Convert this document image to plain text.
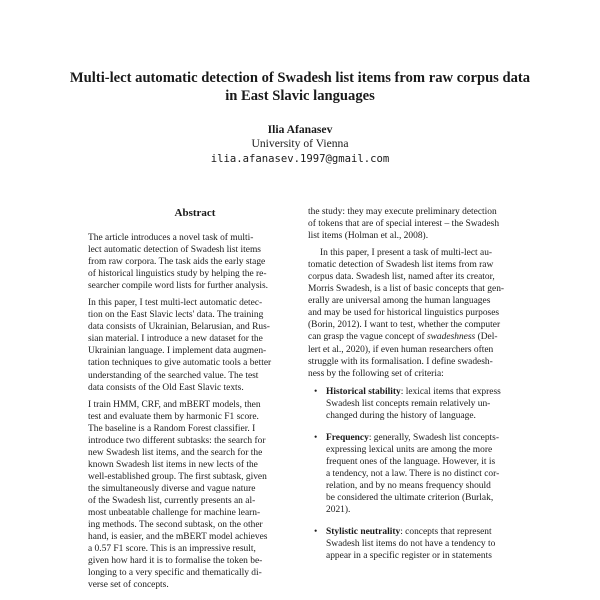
Multi-lect automatic detection of Swadesh list items from raw corpus data
in East Slavic languages
Ilia Afanasev
University of Vienna
ilia.afanasev.1997@gmail.com
Abstract

The article introduces a novel task of multi-
lect automatic detection of Swadesh list items
from raw corpora. The task aids the early stage
of historical linguistics study by helping the re-
searcher compile word lists for further analysis.

In this paper, I test multi-lect automatic detec-
tion on the East Slavic lects' data. The training
data consists of Ukrainian, Belarusian, and Rus-
sian material. I introduce a new dataset for the
Ukrainian language. I implement data augmen-
tation techniques to give automatic tools a better
understanding of the searched value. The test
data consists of the Old East Slavic texts.

I train HMM, CRF, and mBERT models, then
test and evaluate them by harmonic F1 score.
The baseline is a Random Forest classifier. I
introduce two different subtasks: the search for
new Swadesh list items, and the search for the
known Swadesh list items in new lects of the
well-established group. The first subtask, given
the simultaneously diverse and vague nature
of the Swadesh list, currently presents an al-
most unbeatable challenge for machine learn-
ing methods. The second subtask, on the other
hand, is easier, and the mBERT model achieves
a 0.57 F1 score. This is an impressive result,
given how hard it is to formalise the token be-
longing to a very specific and thematically di-
verse set of concepts.

the study: they may execute preliminary detection
of tokens that are of special interest – the Swadesh
list items (Holman et al., 2008).

In this paper, I present a task of multi-lect au-
tomatic detection of Swadesh list items from raw
corpus data. Swadesh list, named after its creator,
Morris Swadesh, is a list of basic concepts that gen-
erally are universal among the human languages
and may be used for historical linguistics purposes
(Borin, 2012). I want to test, whether the computer
can grasp the vague concept of swadeshness (Del-
lert et al., 2020), if even human researchers often
struggle with its formalisation. I define swadesh-
ness by the following set of criteria:

• Historical stability: lexical items that express
Swadesh list concepts remain relatively un-
changed during the history of language.
• Frequency: generally, Swadesh list concepts-
expressing lexical units are among the more
frequent ones of the language. However, it is
a tendency, not a law. There is no distinct cor-
relation, and by no means frequency should
be considered the ultimate criterion (Burlak,
2021).
• Stylistic neutrality: concepts that represent
Swadesh list items do not have a tendency to
appear in a specific register or in statements
